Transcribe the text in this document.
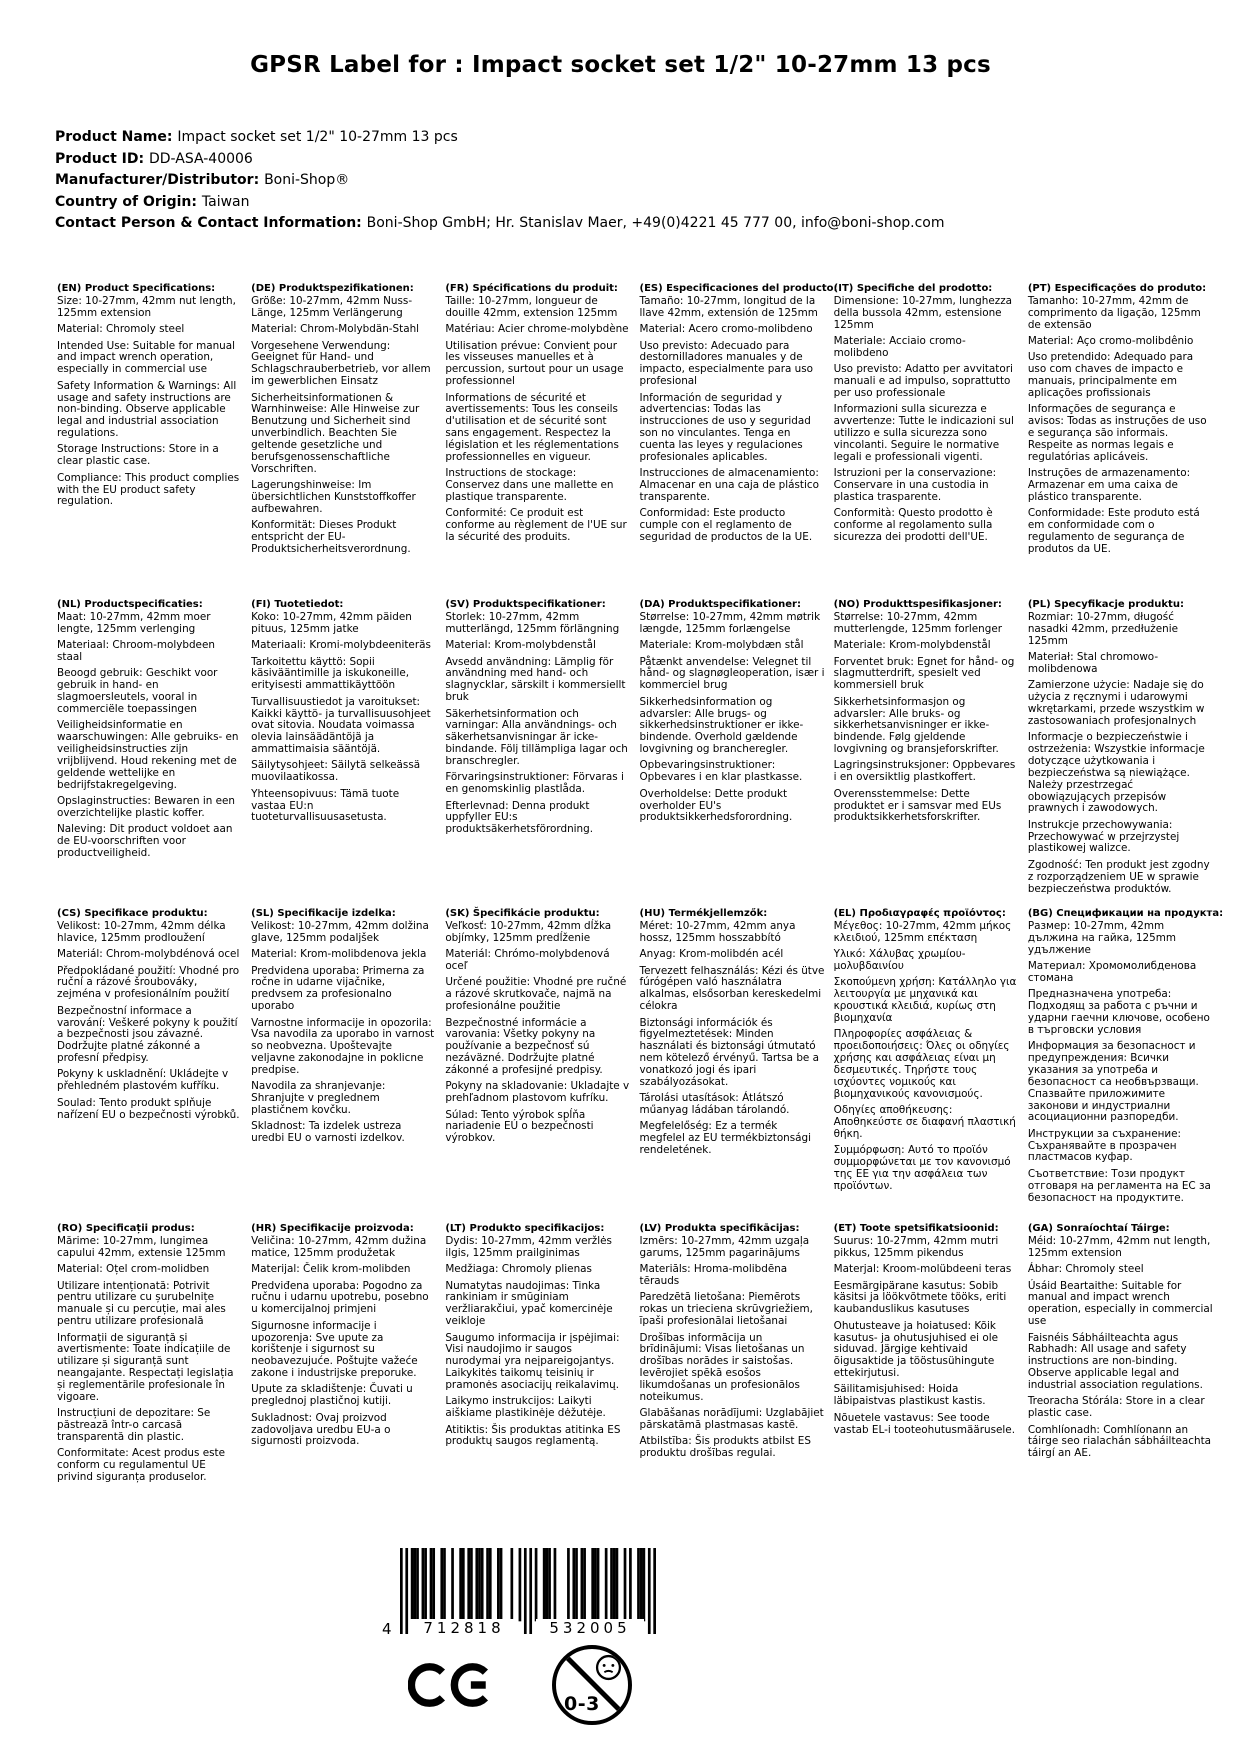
GPSR Label for : Impact socket set 1/2" 10-27mm 13 pcs
Product Name: Impact socket set 1/2" 10-27mm 13 pcs
Product ID: DD-ASA-40006
Manufacturer/Distributor: Boni-Shop®
Country of Origin: Taiwan
Contact Person & Contact Information: Boni-Shop GmbH; Hr. Stanislav Maer, +49(0)4221 45 777 00, info@boni-shop.com
(EN) Product Specifications:

Size: 10-27mm, 42mm nut length, 125mm extension

Material: Chromoly steel

Intended Use: Suitable for manual and impact wrench operation, especially in commercial use

Safety Information & Warnings: All usage and safety instructions are non-binding. Observe applicable legal and industrial association regulations.

Storage Instructions: Store in a clear plastic case.

Compliance: This product complies with the EU product safety regulation.

(DE) Produktspezifikationen:

Größe: 10-27mm, 42mm Nuss-Länge, 125mm Verlängerung

Material: Chrom-Molybdän-Stahl

Vorgesehene Verwendung: Geeignet für Hand- und Schlagschrauberbetrieb, vor allem im gewerblichen Einsatz

Sicherheitsinformationen & Warnhinweise: Alle Hinweise zur Benutzung und Sicherheit sind unverbindlich. Beachten Sie geltende gesetzliche und berufsgenossenschaftliche Vorschriften.

Lagerungshinweise: Im übersichtlichen Kunststoffkoffer aufbewahren.

Konformität: Dieses Produkt entspricht der EU-Produktsicherheitsverordnung.

(FR) Spécifications du produit:

Taille: 10-27mm, longueur de douille 42mm, extension 125mm

Matériau: Acier chrome-molybdène

Utilisation prévue: Convient pour les visseuses manuelles et à percussion, surtout pour un usage professionnel

Informations de sécurité et avertissements: Tous les conseils d'utilisation et de sécurité sont sans engagement. Respectez la législation et les réglementations professionnelles en vigueur.

Instructions de stockage: Conservez dans une mallette en plastique transparente.

Conformité: Ce produit est conforme au règlement de l'UE sur la sécurité des produits.

(ES) Especificaciones del producto:

Tamaño: 10-27mm, longitud de la llave 42mm, extensión de 125mm

Material: Acero cromo-molibdeno

Uso previsto: Adecuado para destornilladores manuales y de impacto, especialmente para uso profesional

Información de seguridad y advertencias: Todas las instrucciones de uso y seguridad son no vinculantes. Tenga en cuenta las leyes y regulaciones profesionales aplicables.

Instrucciones de almacenamiento: Almacenar en una caja de plástico transparente.

Conformidad: Este producto cumple con el reglamento de seguridad de productos de la UE.

(IT) Specifiche del prodotto:

Dimensione: 10-27mm, lunghezza della bussola 42mm, estensione 125mm

Materiale: Acciaio cromo-molibdeno

Uso previsto: Adatto per avvitatori manuali e ad impulso, soprattutto per uso professionale

Informazioni sulla sicurezza e avvertenze: Tutte le indicazioni sul utilizzo e sulla sicurezza sono vincolanti. Seguire le normative legali e professionali vigenti.

Istruzioni per la conservazione: Conservare in una custodia in plastica trasparente.

Conformità: Questo prodotto è conforme al regolamento sulla sicurezza dei prodotti dell'UE.

(PT) Especificações do produto:

Tamanho: 10-27mm, 42mm de comprimento da ligação, 125mm de extensão

Material: Aço cromo-molibdênio

Uso pretendido: Adequado para uso com chaves de impacto e manuais, principalmente em aplicações profissionais

Informações de segurança e avisos: Todas as instruções de uso e segurança são informais. Respeite as normas legais e regulatórias aplicáveis.

Instruções de armazenamento: Armazenar em uma caixa de plástico transparente.

Conformidade: Este produto está em conformidade com o regulamento de segurança de produtos da UE.

(NL) Productspecificaties:

Maat: 10-27mm, 42mm moer lengte, 125mm verlenging

Materiaal: Chroom-molybdeen staal

Beoogd gebruik: Geschikt voor gebruik in hand- en slagmoersleutels, vooral in commerciële toepassingen

Veiligheidsinformatie en waarschuwingen: Alle gebruiks- en veiligheidsinstructies zijn vrijblijvend. Houd rekening met de geldende wettelijke en bedrijfstakregelgeving.

Opslaginstructies: Bewaren in een overzichtelijke plastic koffer.

Naleving: Dit product voldoet aan de EU-voorschriften voor productveiligheid.

(FI) Tuotetiedot:

Koko: 10-27mm, 42mm päiden pituus, 125mm jatke

Materiaali: Kromi-molybdeeniteräs

Tarkoitettu käyttö: Sopii käsivääntimille ja iskukoneille, erityisesti ammattikäyttöön

Turvallisuustiedot ja varoitukset: Kaikki käyttö- ja turvallisuusohjeet ovat sitovia. Noudata voimassa olevia lainsäädäntöjä ja ammattimaisia sääntöjä.

Säilytysohjeet: Säilytä selkeässä muovilaatikossa.

Yhteensopivuus: Tämä tuote vastaa EU:n tuoteturvallisuusasetusta.

(SV) Produktspecifikationer:

Storlek: 10-27mm, 42mm mutterlängd, 125mm förlängning

Material: Krom-molybdenstål

Avsedd användning: Lämplig för användning med hand- och slagnycklar, särskilt i kommersiellt bruk

Säkerhetsinformation och varningar: Alla användnings- och säkerhetsanvisningar är icke-bindande. Följ tillämpliga lagar och branschregler.

Förvaringsinstruktioner: Förvaras i en genomskinlig plastlåda.

Efterlevnad: Denna produkt uppfyller EU:s produktsäkerhetsförordning.

(DA) Produktspecifikationer:

Størrelse: 10-27mm, 42mm møtrik længde, 125mm forlængelse

Materiale: Krom-molybdæn stål

Påtænkt anvendelse: Velegnet til hånd- og slagnøgleoperation, især i kommerciel brug

Sikkerhedsinformation og advarsler: Alle brugs- og sikkerhedsinstruktioner er ikke-bindende. Overhold gældende lovgivning og brancheregler.

Opbevaringsinstruktioner: Opbevares i en klar plastkasse.

Overholdelse: Dette produkt overholder EU's produktsikkerhedsforordning.

(NO) Produkttspesifikasjoner:

Størrelse: 10-27mm, 42mm mutterlengde, 125mm forlenger

Materiale: Krom-molybdenstål

Forventet bruk: Egnet for hånd- og slagmutterdrift, spesielt ved kommersiell bruk

Sikkerhetsinformasjon og advarsler: Alle bruks- og sikkerhetsanvisninger er ikke-bindende. Følg gjeldende lovgivning og bransjeforskrifter.

Lagringsinstruksjoner: Oppbevares i en oversiktlig plastkoffert.

Overensstemmelse: Dette produktet er i samsvar med EUs produktsikkerhetsforskrifter.

(PL) Specyfikacje produktu:

Rozmiar: 10-27mm, długość nasadki 42mm, przedłużenie 125mm

Materiał: Stal chromowo-molibdenowa

Zamierzone użycie: Nadaje się do użycia z ręcznymi i udarowymi wkrętarkami, przede wszystkim w zastosowaniach profesjonalnych

Informacje o bezpieczeństwie i ostrzeżenia: Wszystkie informacje dotyczące użytkowania i bezpieczeństwa są niewiążące. Należy przestrzegać obowiązujących przepisów prawnych i zawodowych.

Instrukcje przechowywania: Przechowywać w przejrzystej plastikowej walizce.

Zgodność: Ten produkt jest zgodny z rozporządzeniem UE w sprawie bezpieczeństwa produktów.

(CS) Specifikace produktu:

Velikost: 10-27mm, 42mm délka hlavice, 125mm prodloužení

Materiál: Chrom-molybdénová ocel

Předpokládané použití: Vhodné pro ruční a rázové šroubováky, zejména v profesionálním použití

Bezpečnostní informace a varování: Veškeré pokyny k použití a bezpečnosti jsou závazné. Dodržujte platné zákonné a profesní předpisy.

Pokyny k uskladnění: Ukládejte v přehledném plastovém kufříku.

Soulad: Tento produkt splňuje nařízení EU o bezpečnosti výrobků.

(SL) Specifikacije izdelka:

Velikost: 10-27mm, 42mm dolžina glave, 125mm podaljšek

Material: Krom-molibdenova jekla

Predvidena uporaba: Primerna za ročne in udarne vijačnike, predvsem za profesionalno uporabo

Varnostne informacije in opozorila: Vsa navodila za uporabo in varnost so neobvezna. Upoštevajte veljavne zakonodajne in poklicne predpise.

Navodila za shranjevanje: Shranjujte v preglednem plastičnem kovčku.

Skladnost: Ta izdelek ustreza uredbi EU o varnosti izdelkov.

(SK) Špecifikácie produktu:

Veľkosť: 10-27mm, 42mm dĺžka objímky, 125mm predĺženie

Materiál: Chrómo-molybdenová oceľ

Určené použitie: Vhodné pre ručné a rázové skrutkovače, najmä na profesionálne použitie

Bezpečnostné informácie a varovania: Všetky pokyny na používanie a bezpečnosť sú nezáväzné. Dodržujte platné zákonné a profesijné predpisy.

Pokyny na skladovanie: Ukladajte v prehľadnom plastovom kufríku.

Súlad: Tento výrobok spĺňa nariadenie EÚ o bezpečnosti výrobkov.

(HU) Termékjellemzők:

Méret: 10-27mm, 42mm anya hossz, 125mm hosszabbító

Anyag: Krom-molibdén acél

Tervezett felhasználás: Kézi és ütve fúrógépen való használatra alkalmas, elsősorban kereskedelmi célokra

Biztonsági információk és figyelmeztetések: Minden használati és biztonsági útmutató nem kötelező érvényű. Tartsa be a vonatkozó jogi és ipari szabályozásokat.

Tárolási utasítások: Átlátszó műanyag ládában tárolandó.

Megfelelőség: Ez a termék megfelel az EU termékbiztonsági rendeletének.

(EL) Προδιαγραφές προϊόντος:

Μέγεθος: 10-27mm, 42mm μήκος κλειδιού, 125mm επέκταση

Υλικό: Χάλυβας χρωμίου-μολυβδαινίου

Σκοπούμενη χρήση: Κατάλληλο για λειτουργία με μηχανικά και κρουστικά κλειδιά, κυρίως στη βιομηχανία

Πληροφορίες ασφάλειας & προειδοποιήσεις: Όλες οι οδηγίες χρήσης και ασφάλειας είναι μη δεσμευτικές. Τηρήστε τους ισχύοντες νομικούς και βιομηχανικούς κανονισμούς.

Οδηγίες αποθήκευσης: Αποθηκεύστε σε διαφανή πλαστική θήκη.

Συμμόρφωση: Αυτό το προϊόν συμμορφώνεται με τον κανονισμό της ΕΕ για την ασφάλεια των προϊόντων.

(BG) Спецификации на продукта:

Размер: 10-27mm, 42mm дължина на гайка, 125mm удължение

Материал: Хромомолибденова стомана

Предназначена употреба: Подходящ за работа с ръчни и ударни гаечни ключове, особено в търговски условия

Информация за безопасност и предупреждения: Всички указания за употреба и безопасност са необвързващи. Спазвайте приложимите законови и индустриални асоциационни разпоредби.

Инструкции за съхранение: Съхранявайте в прозрачен пластмасов куфар.

Съответствие: Този продукт отговаря на регламента на ЕС за безопасност на продуктите.

(RO) Specificații produs:

Mărime: 10-27mm, lungimea capului 42mm, extensie 125mm

Material: Oțel crom-molidben

Utilizare intenționată: Potrivit pentru utilizare cu șurubelnițe manuale și cu percuție, mai ales pentru utilizare profesională

Informații de siguranță și avertismente: Toate indicațiile de utilizare și siguranță sunt neangajante. Respectați legislația și reglementările profesionale în vigoare.

Instrucțiuni de depozitare: Se păstrează într-o carcasă transparentă din plastic.

Conformitate: Acest produs este conform cu regulamentul UE privind siguranța produselor.

(HR) Specifikacije proizvoda:

Veličina: 10-27mm, 42mm dužina matice, 125mm produžetak

Materijal: Čelik krom-molibden

Predviđena uporaba: Pogodno za ručnu i udarnu upotrebu, posebno u komercijalnoj primjeni

Sigurnosne informacije i upozorenja: Sve upute za korištenje i sigurnost su neobavezujuće. Poštujte važeće zakone i industrijske preporuke.

Upute za skladištenje: Čuvati u preglednoj plastičnoj kutiji.

Sukladnost: Ovaj proizvod zadovoljava uredbu EU-a o sigurnosti proizvoda.

(LT) Produkto specifikacijos:

Dydis: 10-27mm, 42mm veržlės ilgis, 125mm prailginimas

Medžiaga: Chromoly plienas

Numatytas naudojimas: Tinka rankiniam ir smūginiam veržliarakčiui, ypač komercinėje veikloje

Saugumo informacija ir įspėjimai: Visi naudojimo ir saugos nurodymai yra neįpareigojantys. Laikykitės taikomų teisinių ir pramonės asociacijų reikalavimų.

Laikymo instrukcijos: Laikyti aiškiame plastikinėje dėžutėje.

Atitiktis: Šis produktas atitinka ES produktų saugos reglamentą.

(LV) Produkta specifikācijas:

Izmērs: 10-27mm, 42mm uzgaļa garums, 125mm pagarinājums

Materiāls: Hroma-molibdēna tērauds

Paredzētā lietošana: Piemērots rokas un trieciena skrūvgriežiem, īpaši profesionālai lietošanai

Drošības informācija un brīdinājumi: Visas lietošanas un drošības norādes ir saistošas. Ievērojiet spēkā esošos likumdošanas un profesionālos noteikumus.

Glabāšanas norādījumi: Uzglabājiet pārskatāmā plastmasas kastē.

Atbilstība: Šis produkts atbilst ES produktu drošības regulai.

(ET) Toote spetsifikatsioonid:

Suurus: 10-27mm, 42mm mutri pikkus, 125mm pikendus

Materjal: Kroom-molübdeeni teras

Eesmärgipärane kasutus: Sobib käsitsi ja löökvõtmete tööks, eriti kaubanduslikus kasutuses

Ohutusteave ja hoiatused: Kõik kasutus- ja ohutusjuhised ei ole siduvad. Järgige kehtivaid õigusaktide ja tööstusühingute ettekirjutusi.

Säilitamisjuhised: Hoida läbipaistvas plastikust kastis.

Nõuetele vastavus: See toode vastab EL-i tooteohutusmäärusele.

(GA) Sonraíochtaí Táirge:

Méid: 10-27mm, 42mm nut length, 125mm extension

Ábhar: Chromoly steel

Úsáid Beartaithe: Suitable for manual and impact wrench operation, especially in commercial use

Faisnéis Sábháilteachta agus Rabhadh: All usage and safety instructions are non-binding. Observe applicable legal and industrial association regulations.

Treoracha Stórála: Store in a clear plastic case.

Comhlíonadh: Comhlíonann an táirge seo rialachán sábháilteachta táirgí an AE.

4	712818	532005
0-3
